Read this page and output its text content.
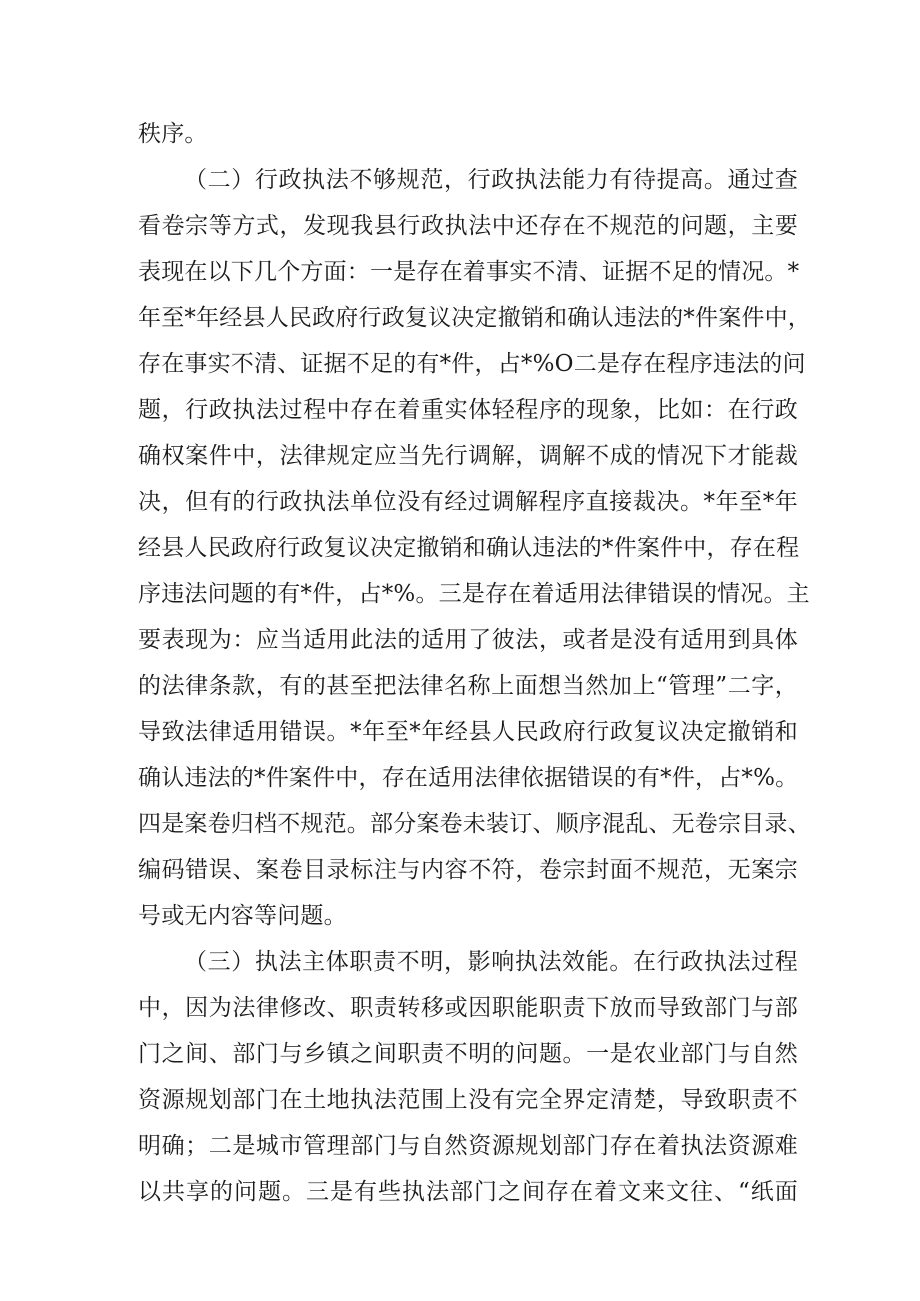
秩序。
（二）行政执法不够规范，行政执法能力有待提高。通过查
看卷宗等方式，发现我县行政执法中还存在不规范的问题，主要
表现在以下几个方面：一是存在着事实不清、证据不足的情况。*
年至*年经县人民政府行政复议决定撤销和确认违法的*件案件中，
存在事实不清、证据不足的有*件，占*%O二是存在程序违法的问
题，行政执法过程中存在着重实体轻程序的现象，比如：在行政
确权案件中，法律规定应当先行调解，调解不成的情况下才能裁
决，但有的行政执法单位没有经过调解程序直接裁决。*年至*年
经县人民政府行政复议决定撤销和确认违法的*件案件中，存在程
序违法问题的有*件，占*%。三是存在着适用法律错误的情况。主
要表现为：应当适用此法的适用了彼法，或者是没有适用到具体
的法律条款，有的甚至把法律名称上面想当然加上“管理”二字，
导致法律适用错误。*年至*年经县人民政府行政复议决定撤销和
确认违法的*件案件中，存在适用法律依据错误的有*件，占*%。
四是案卷归档不规范。部分案卷未装订、顺序混乱、无卷宗目录、
编码错误、案卷目录标注与内容不符，卷宗封面不规范，无案宗
号或无内容等问题。
（三）执法主体职责不明，影响执法效能。在行政执法过程
中，因为法律修改、职责转移或因职能职责下放而导致部门与部
门之间、部门与乡镇之间职责不明的问题。一是农业部门与自然
资源规划部门在土地执法范围上没有完全界定清楚，导致职责不
明确；二是城市管理部门与自然资源规划部门存在着执法资源难
以共享的问题。三是有些执法部门之间存在着文来文往、“纸面
